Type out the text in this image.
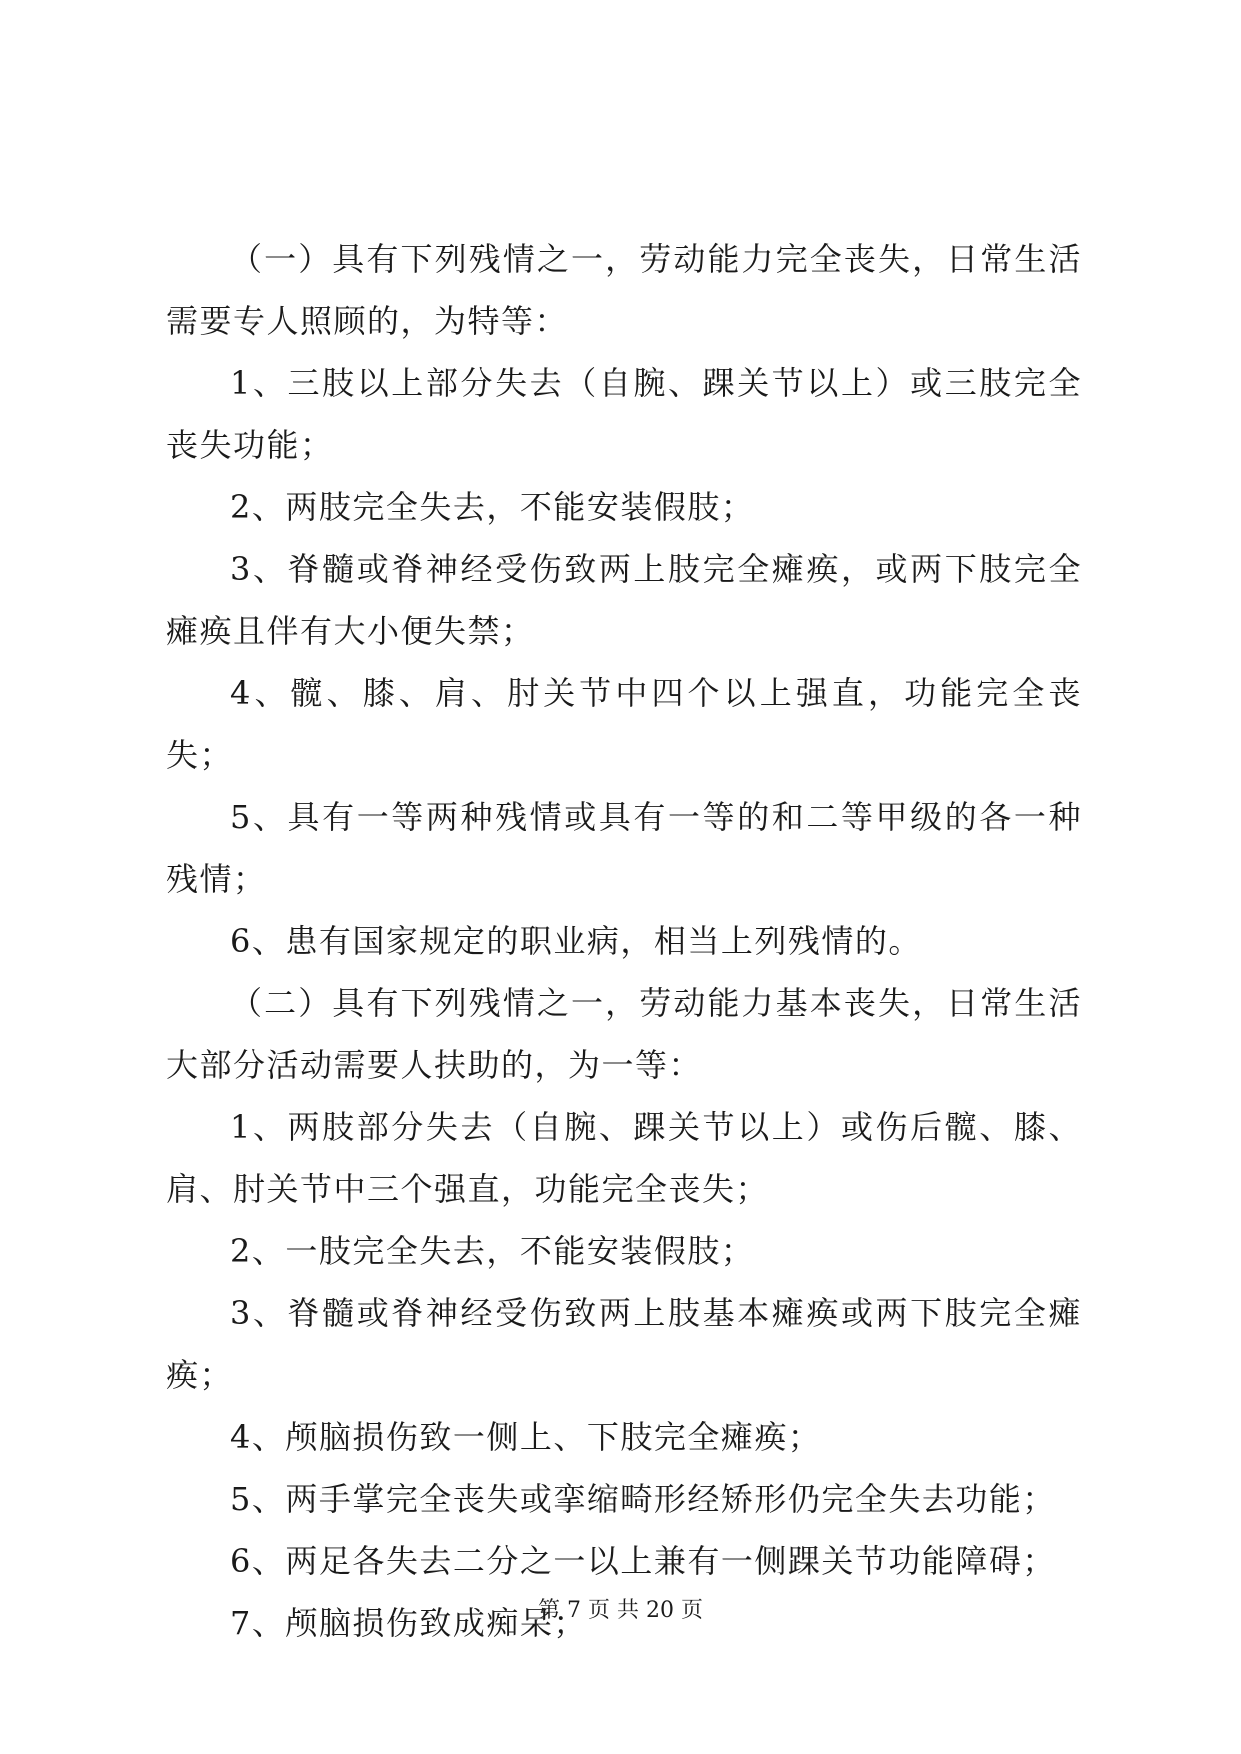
（一）具有下列残情之一，劳动能力完全丧失，日常生活需要专人照顾的，为特等：

1、三肢以上部分失去（自腕、踝关节以上）或三肢完全丧失功能；

2、两肢完全失去，不能安装假肢；

3、脊髓或脊神经受伤致两上肢完全瘫痪，或两下肢完全瘫痪且伴有大小便失禁；

4、髋、膝、肩、肘关节中四个以上强直，功能完全丧失；

5、具有一等两种残情或具有一等的和二等甲级的各一种残情；

6、患有国家规定的职业病，相当上列残情的。

（二）具有下列残情之一，劳动能力基本丧失，日常生活大部分活动需要人扶助的，为一等：

1、两肢部分失去（自腕、踝关节以上）或伤后髋、膝、肩、肘关节中三个强直，功能完全丧失；

2、一肢完全失去，不能安装假肢；

3、脊髓或脊神经受伤致两上肢基本瘫痪或两下肢完全瘫痪；

4、颅脑损伤致一侧上、下肢完全瘫痪；

5、两手掌完全丧失或挛缩畸形经矫形仍完全失去功能；

6、两足各失去二分之一以上兼有一侧踝关节功能障碍；

7、颅脑损伤致成痴呆；

第 7 页 共 20 页
